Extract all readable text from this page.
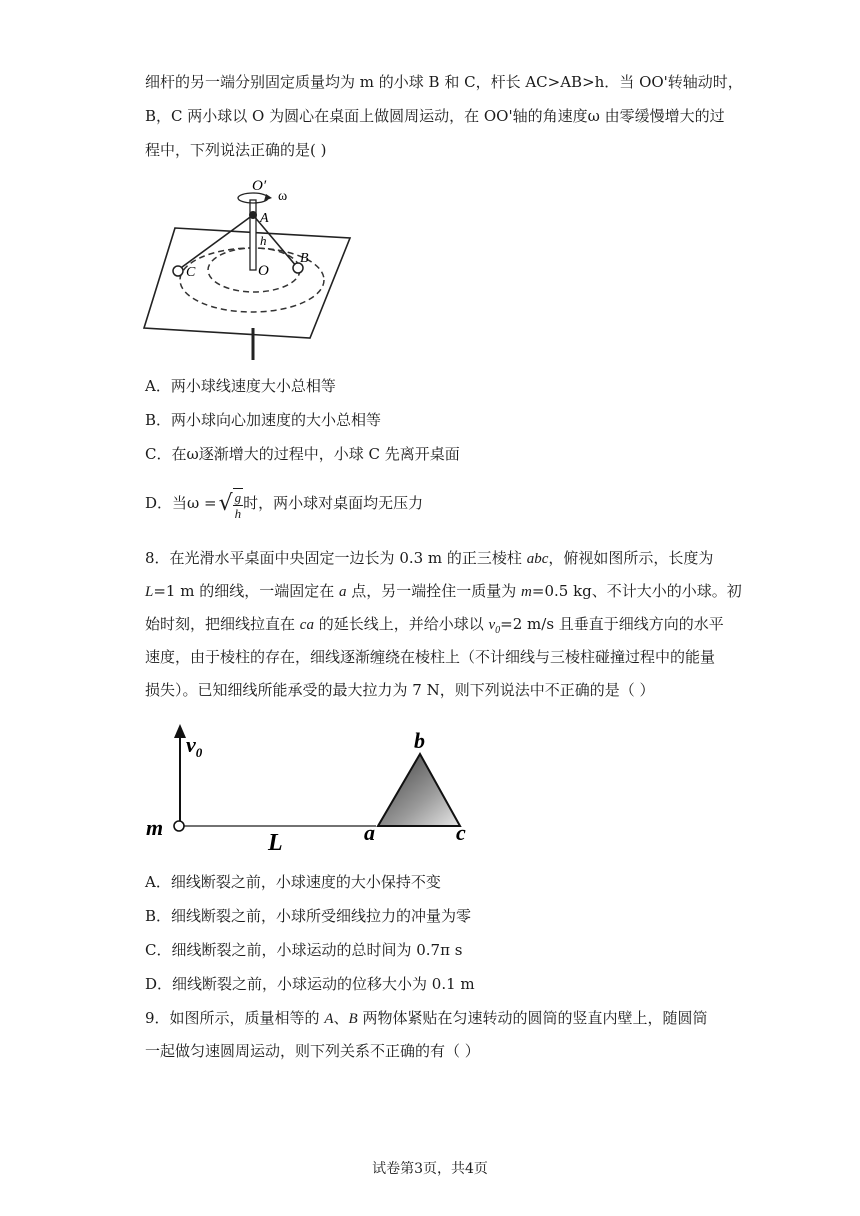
细杆的另一端分别固定质量均为 m 的小球 B 和 C，杆长 AC>AB>h．当 OO'转轴动时，
B，C 两小球以 O 为圆心在桌面上做圆周运动，在 OO'轴的角速度ω 由零缓慢增大的过
程中，下列说法正确的是( )
O′
ω
A
h
O
B
C
A．两小球线速度大小总相等
B．两小球向心加速度的大小总相等
C．在ω逐渐增大的过程中，小球 C 先离开桌面
D．当ω =√ $\frac{g}{h}$ 时，两小球对桌面均无压力
8．在光滑水平桌面中央固定一边长为 0.3 m 的正三棱柱 abc，俯视如图所示，长度为
L=1 m 的细线，一端固定在 a 点，另一端拴住一质量为 m=0.5 kg、不计大小的小球。初
始时刻，把细线拉直在 ca 的延长线上，并给小球以 $v_0=2$ m/s 且垂直于细线方向的水平
速度，由于棱柱的存在，细线逐渐缠绕在棱柱上（不计细线与三棱柱碰撞过程中的能量
损失）。已知细线所能承受的最大拉力为 7 N，则下列说法中不正确的是（ ）
$v_0$
m
L	a
b
c
A．细线断裂之前，小球速度的大小保持不变
B．细线断裂之前，小球所受细线拉力的冲量为零
C．细线断裂之前，小球运动的总时间为 0.7π s
D．细线断裂之前，小球运动的位移大小为 0.1 m
9．如图所示，质量相等的 A、B 两物体紧贴在匀速转动的圆筒的竖直内壁上，随圆筒
一起做匀速圆周运动，则下列关系不正确的有（ ）
试卷第3页，共4页
